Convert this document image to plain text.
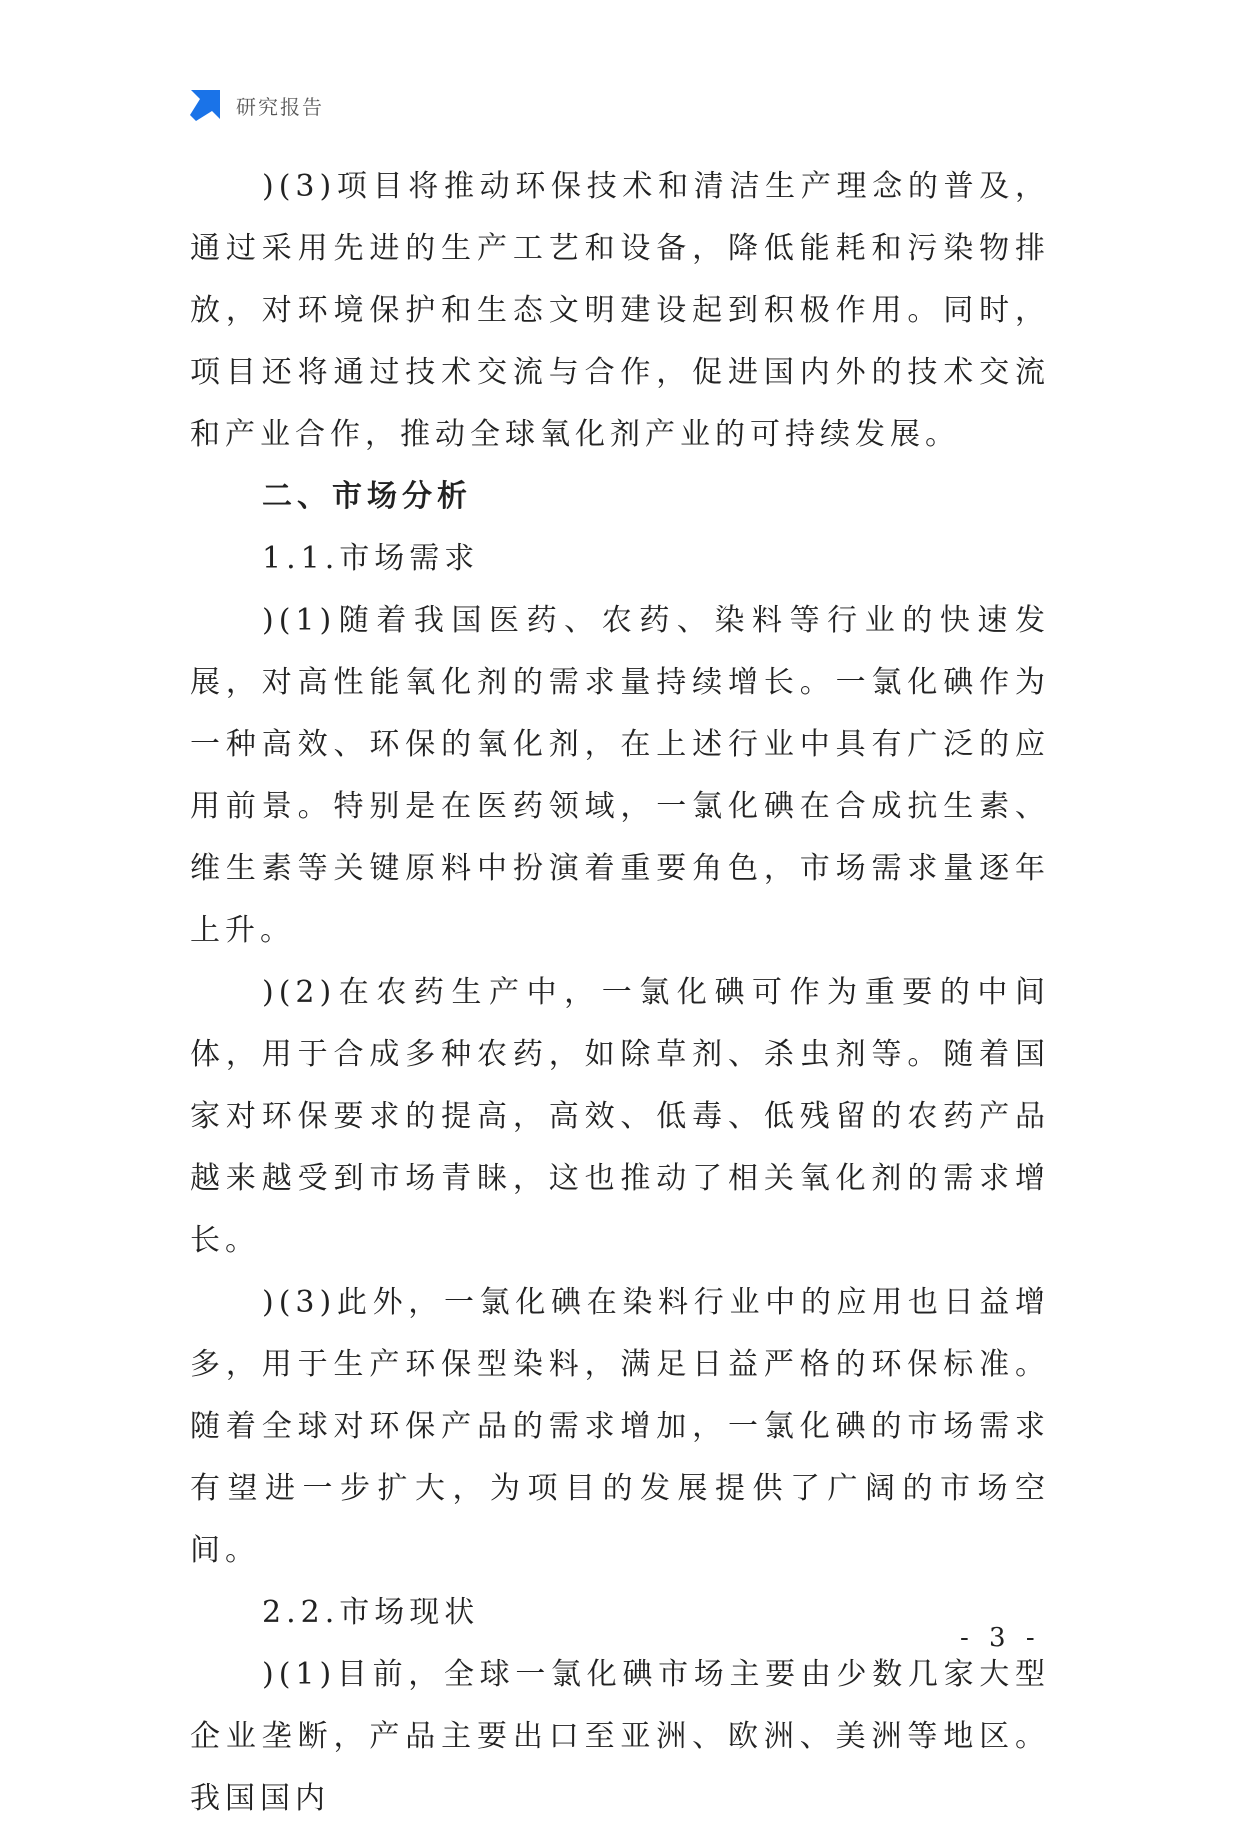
研究报告

)(3)项目将推动环保技术和清洁生产理念的普及，通过采用先进的生产工艺和设备，降低能耗和污染物排放，对环境保护和生态文明建设起到积极作用。同时，项目还将通过技术交流与合作，促进国内外的技术交流和产业合作，推动全球氧化剂产业的可持续发展。

二、市场分析
1.1.市场需求

)(1)随着我国医药、农药、染料等行业的快速发展，对高性能氧化剂的需求量持续增长。一氯化碘作为一种高效、环保的氧化剂，在上述行业中具有广泛的应用前景。特别是在医药领域，一氯化碘在合成抗生素、维生素等关键原料中扮演着重要角色，市场需求量逐年上升。

)(2)在农药生产中，一氯化碘可作为重要的中间体，用于合成多种农药，如除草剂、杀虫剂等。随着国家对环保要求的提高，高效、低毒、低残留的农药产品越来越受到市场青睐，这也推动了相关氧化剂的需求增长。

)(3)此外，一氯化碘在染料行业中的应用也日益增多，用于生产环保型染料，满足日益严格的环保标准。随着全球对环保产品的需求增加，一氯化碘的市场需求有望进一步扩大，为项目的发展提供了广阔的市场空间。

2.2.市场现状

)(1)目前，全球一氯化碘市场主要由少数几家大型企业垄断，产品主要出口至亚洲、欧洲、美洲等地区。我国国内

- 3 -
